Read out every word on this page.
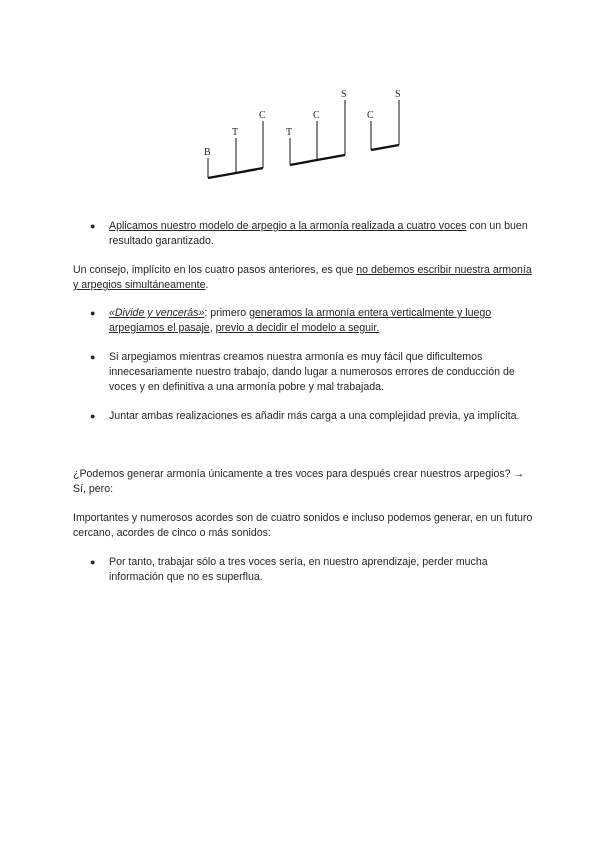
B
T
C
T
C
S
C
S
● Aplicamos nuestro modelo de arpegio a la armonía realizada a cuatro voces con un buen resultado garantizado.
Un consejo, implícito en los cuatro pasos anteriores, es que no debemos escribir nuestra armonía y arpegios simultáneamente.
● «Divide y vencerás»: primero generamos la armonía entera verticalmente y luego arpegiamos el pasaje, previo a decidir el modelo a seguir.
● Si arpegiamos mientras creamos nuestra armonía es muy fácil que dificultemos innecesariamente nuestro trabajo, dando lugar a numerosos errores de conducción de voces y en definitiva a una armonía pobre y mal trabajada.
● Juntar ambas realizaciones es añadir más carga a una complejidad previa, ya implícita.
¿Podemos generar armonía únicamente a tres voces para después crear nuestros arpegios? → Sí, pero:
Importantes y numerosos acordes son de cuatro sonidos e incluso podemos generar, en un futuro cercano, acordes de cinco o más sonidos:
● Por tanto, trabajar sólo a tres voces sería, en nuestro aprendizaje, perder mucha información que no es superflua.
